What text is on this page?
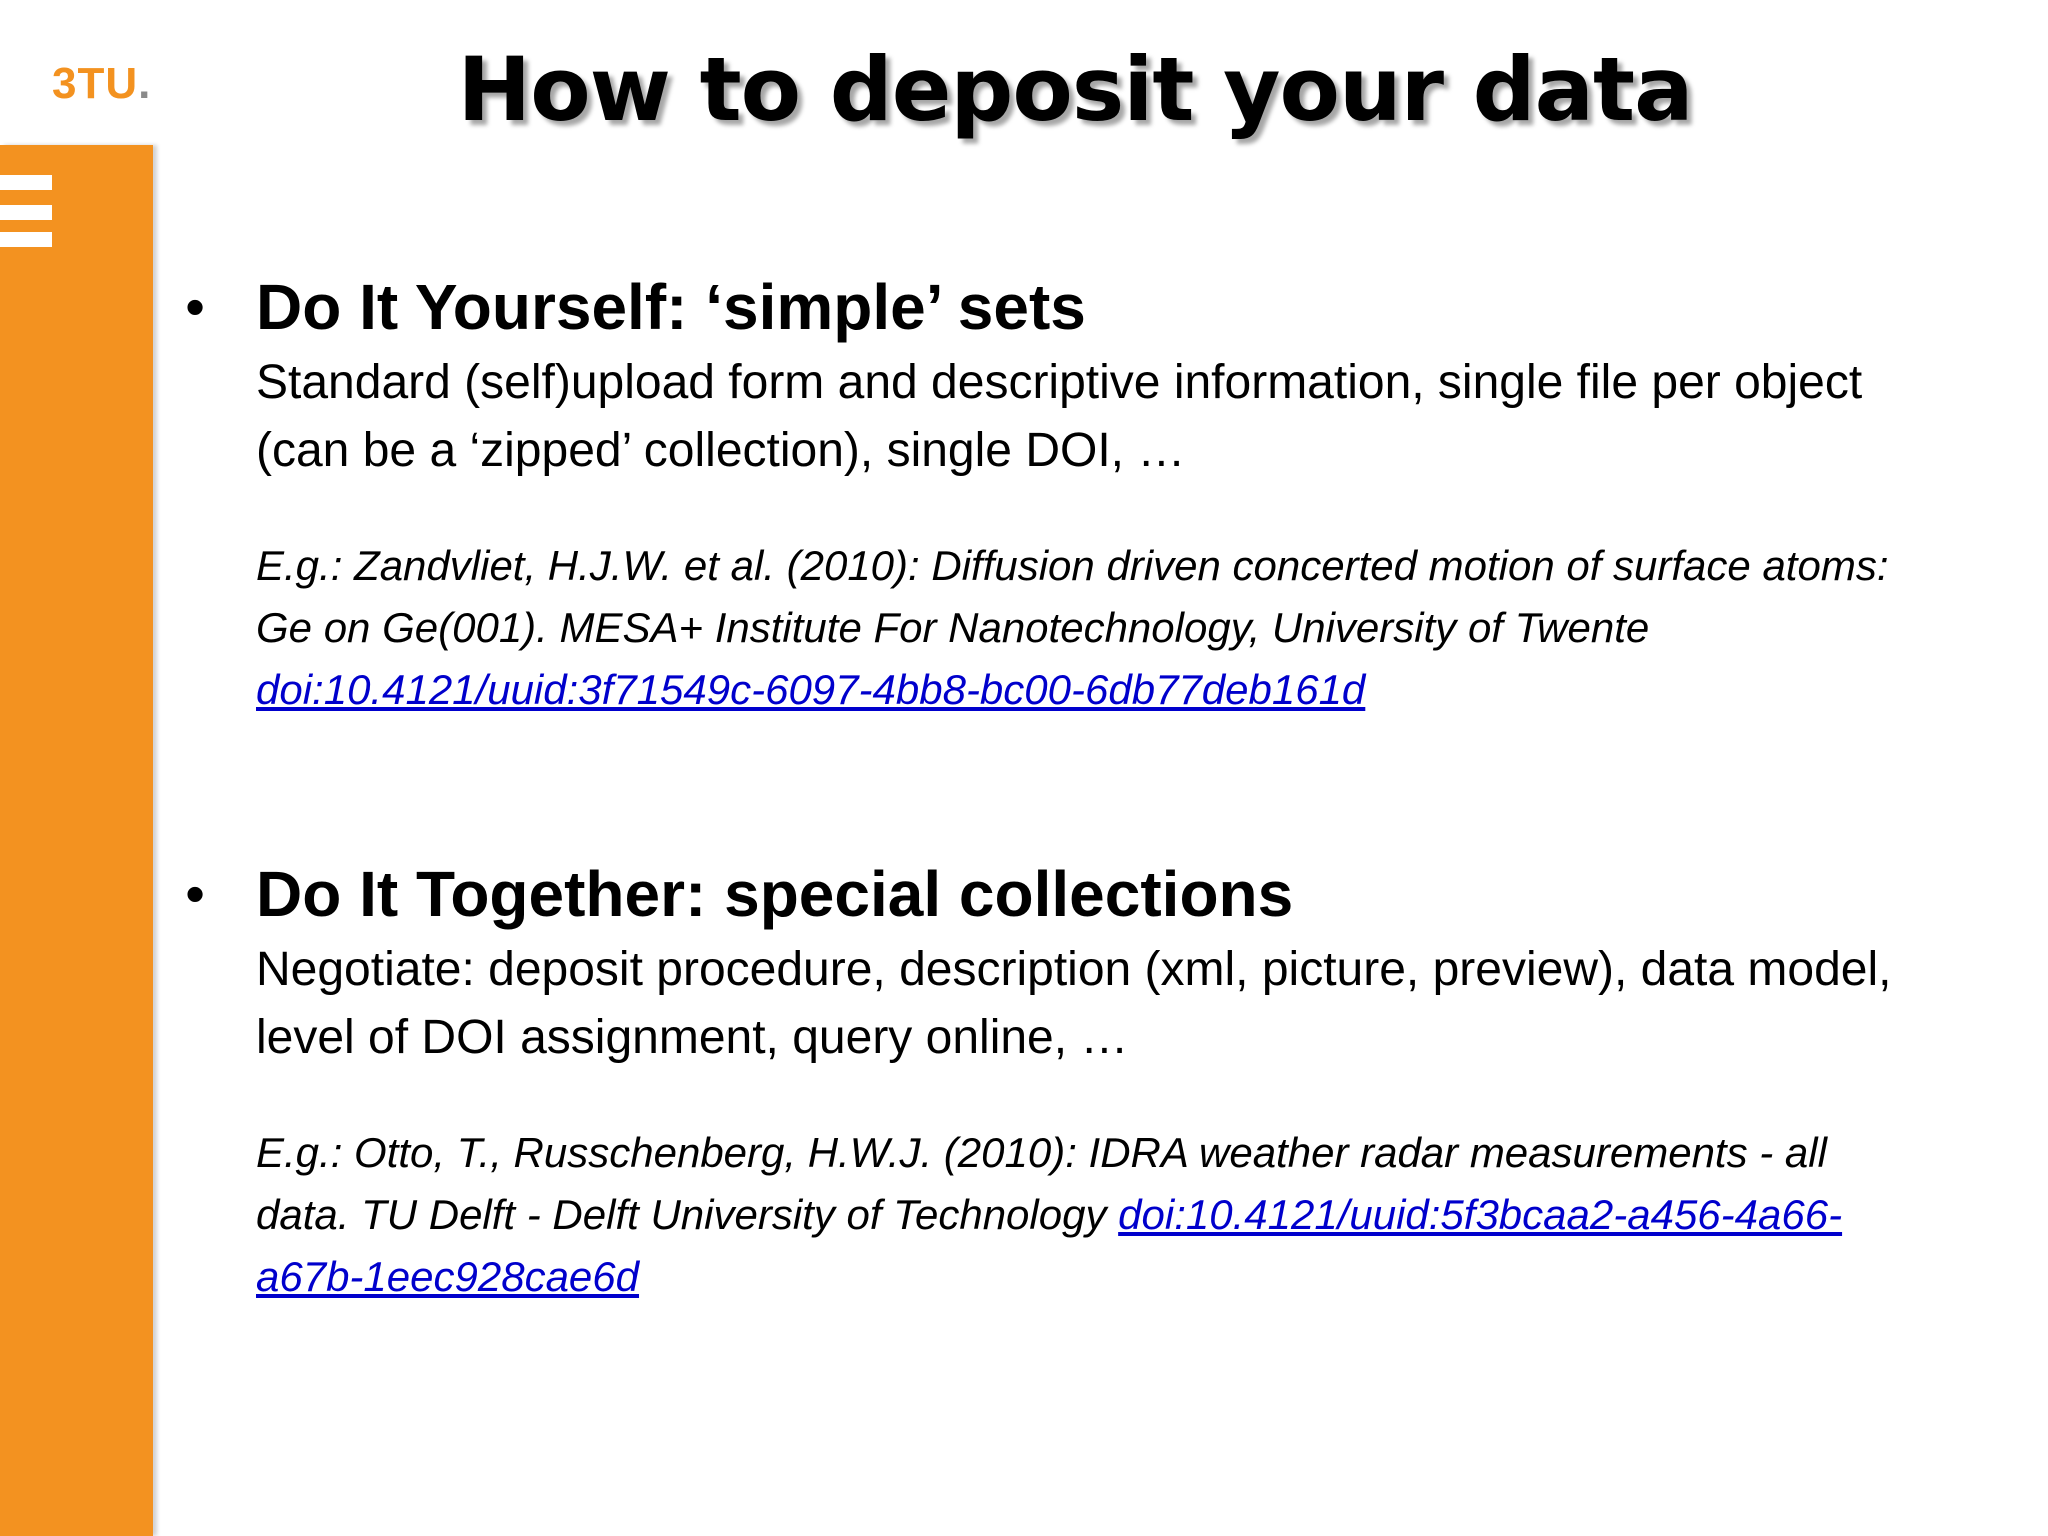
3TU.	How to deposit your data
• Do It Yourself: ‘simple’ sets

Standard (self)upload form and descriptive information, single file per object (can be a ‘zipped’ collection), single DOI, …

E.g.: Zandvliet, H.J.W. et al. (2010): Diffusion driven concerted motion of surface atoms: Ge on Ge(001). MESA+ Institute For Nanotechnology, University of Twente doi:10.4121/uuid:3f71549c-6097-4bb8-bc00-6db77deb161d

• Do It Together: special collections

Negotiate: deposit procedure, description (xml, picture, preview), data model, level of DOI assignment, query online, …

E.g.: Otto, T., Russchenberg, H.W.J. (2010): IDRA weather radar measurements - all data. TU Delft - Delft University of Technology doi:10.4121/uuid:5f3bcaa2-a456-4a66-a67b-1eec928cae6d
